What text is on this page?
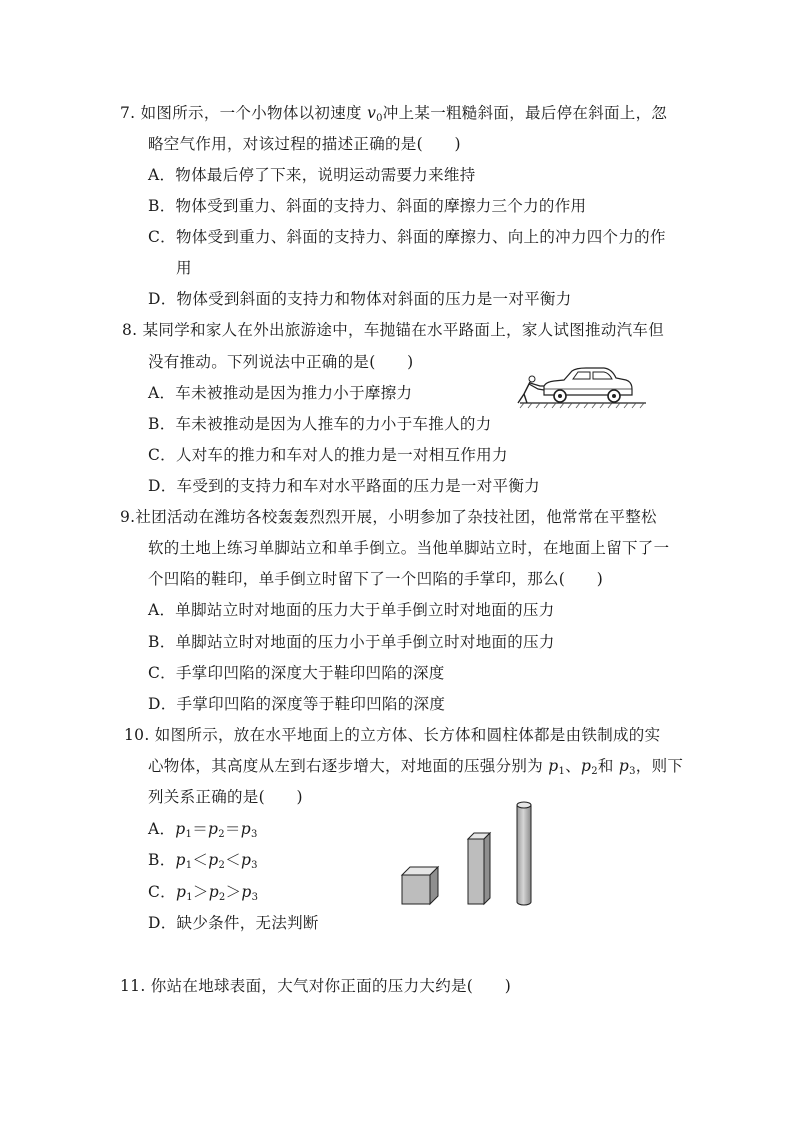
7. 如图所示，一个小物体以初速度 $v_0$冲上某一粗糙斜面，最后停在斜面上，忽
略空气作用，对该过程的描述正确的是(　　)
A．物体最后停了下来，说明运动需要力来维持
B．物体受到重力、斜面的支持力、斜面的摩擦力三个力的作用
C．物体受到重力、斜面的支持力、斜面的摩擦力、向上的冲力四个力的作
用
D．物体受到斜面的支持力和物体对斜面的压力是一对平衡力
8. 某同学和家人在外出旅游途中，车抛锚在水平路面上，家人试图推动汽车但
没有推动。下列说法中正确的是(　　)
A．车未被推动是因为推力小于摩擦力
B．车未被推动是因为人推车的力小于车推人的力
C．人对车的推力和车对人的推力是一对相互作用力
D．车受到的支持力和车对水平路面的压力是一对平衡力
9.社团活动在潍坊各校轰轰烈烈开展，小明参加了杂技社团，他常常在平整松
软的土地上练习单脚站立和单手倒立。当他单脚站立时，在地面上留下了一
个凹陷的鞋印，单手倒立时留下了一个凹陷的手掌印，那么(　　)
A．单脚站立时对地面的压力大于单手倒立时对地面的压力
B．单脚站立时对地面的压力小于单手倒立时对地面的压力
C．手掌印凹陷的深度大于鞋印凹陷的深度
D．手掌印凹陷的深度等于鞋印凹陷的深度
10. 如图所示，放在水平地面上的立方体、长方体和圆柱体都是由铁制成的实
心物体，其高度从左到右逐步增大，对地面的压强分别为 $p_1$、$p_2$和 $p_3$，则下
列关系正确的是(　　)
A．$p_1=p_2=p_3$
B．$p_1<p_2<p_3$
C．$p_1>p_2>p_3$
D．缺少条件，无法判断
11. 你站在地球表面，大气对你正面的压力大约是(　　)
